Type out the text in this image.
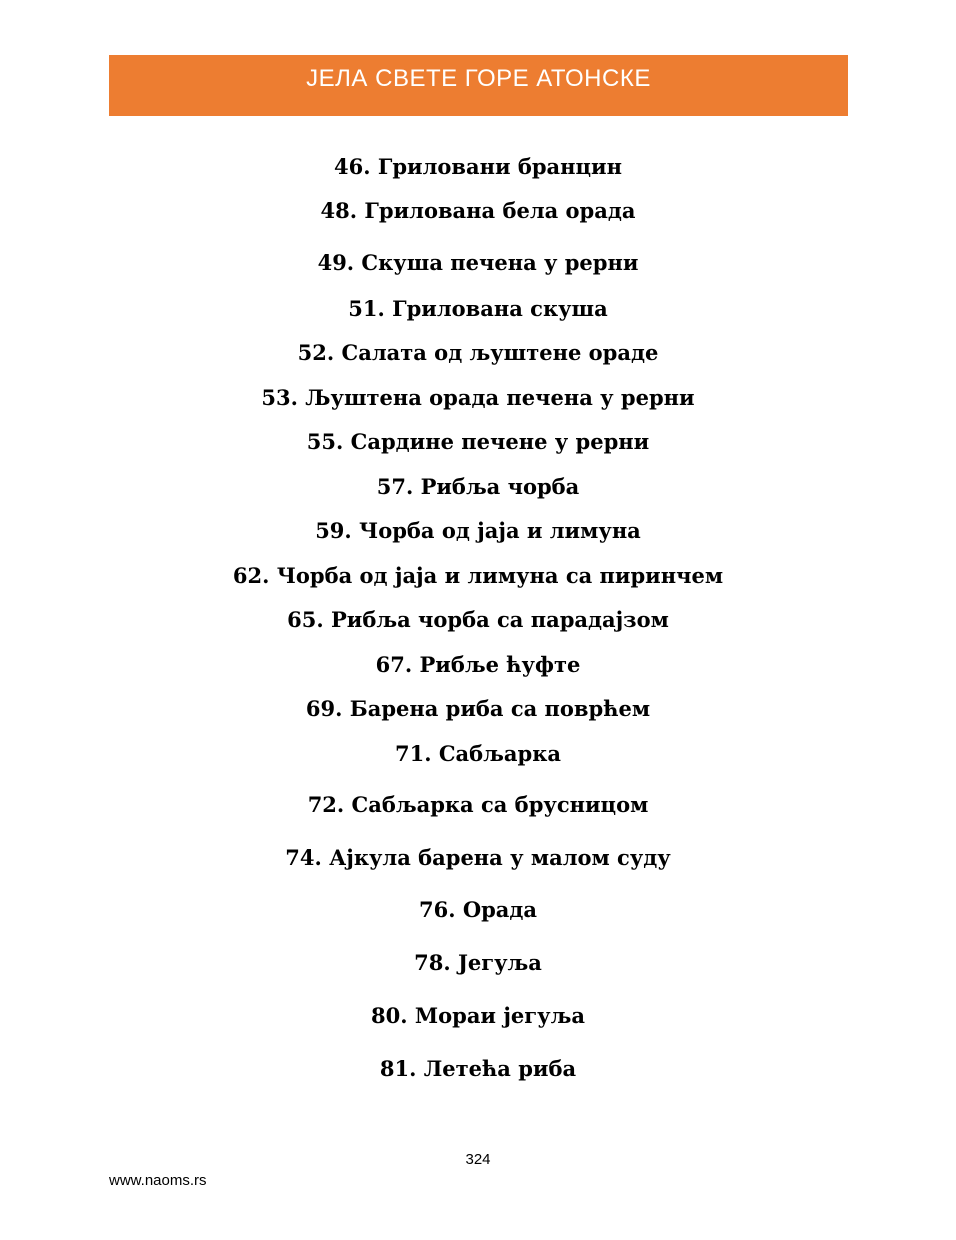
ЈЕЛА СВЕТЕ ГОРЕ АТОНСКЕ
46. Гриловани бранцин
48. Грилована бела орада
49. Скуша печена у рерни
51. Грилована скуша
52. Салата од љуштене ораде
53. Љуштена орада печена у рерни
55. Сардине печене у рерни
57. Рибља чорба
59. Чорба од јаја и лимуна
62. Чорба од јаја и лимуна са пиринчем
65. Рибља чорба са парадајзом
67. Рибље ћуфте
69. Барена риба са поврћем
71. Сабљарка
72. Сабљарка са брусницом
74. Ајкула барена у малом суду
76. Орада
78. Јегуља
80. Мораи јегуља
81. Летећа риба
324
www.naoms.rs
